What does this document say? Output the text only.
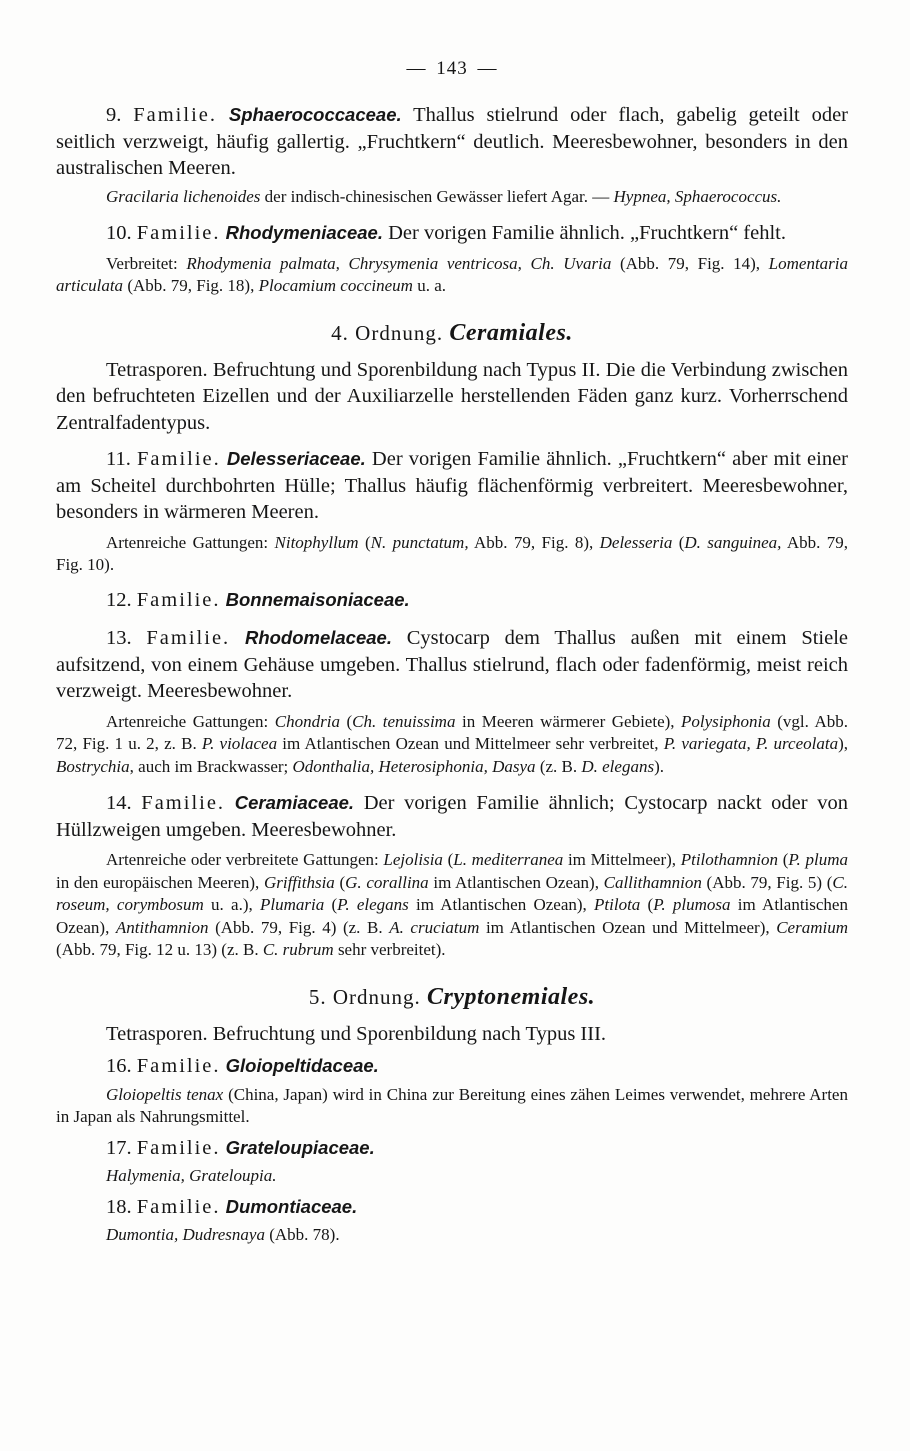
— 143 —

9. Familie. Sphaerococcaceae. Thallus stielrund oder flach, gabelig geteilt oder seitlich verzweigt, häufig gallertig. „Fruchtkern“ deutlich. Meeresbewohner, besonders in den australischen Meeren.

Gracilaria lichenoides der indisch-chinesischen Gewässer liefert Agar. — Hypnea, Sphaerococcus.

10. Familie. Rhodymeniaceae. Der vorigen Familie ähnlich. „Fruchtkern“ fehlt.

Verbreitet: Rhodymenia palmata, Chrysymenia ventricosa, Ch. Uvaria (Abb. 79, Fig. 14), Lomentaria articulata (Abb. 79, Fig. 18), Plocamium coccineum u. a.

4. Ordnung. Ceramiales.

Tetrasporen. Befruchtung und Sporenbildung nach Typus II. Die die Verbindung zwischen den befruchteten Eizellen und der Auxiliarzelle herstellenden Fäden ganz kurz. Vorherrschend Zentralfadentypus.

11. Familie. Delesseriaceae. Der vorigen Familie ähnlich. „Fruchtkern“ aber mit einer am Scheitel durchbohrten Hülle; Thallus häufig flächenförmig verbreitert. Meeresbewohner, besonders in wärmeren Meeren.

Artenreiche Gattungen: Nitophyllum (N. punctatum, Abb. 79, Fig. 8), Delesseria (D. sanguinea, Abb. 79, Fig. 10).

12. Familie. Bonnemaisoniaceae.

13. Familie. Rhodomelaceae. Cystocarp dem Thallus außen mit einem Stiele aufsitzend, von einem Gehäuse umgeben. Thallus stielrund, flach oder fadenförmig, meist reich verzweigt. Meeresbewohner.

Artenreiche Gattungen: Chondria (Ch. tenuissima in Meeren wärmerer Gebiete), Polysiphonia (vgl. Abb. 72, Fig. 1 u. 2, z. B. P. violacea im Atlantischen Ozean und Mittelmeer sehr verbreitet, P. variegata, P. urceolata), Bostrychia, auch im Brackwasser; Odonthalia, Heterosiphonia, Dasya (z. B. D. elegans).

14. Familie. Ceramiaceae. Der vorigen Familie ähnlich; Cystocarp nackt oder von Hüllzweigen umgeben. Meeresbewohner.

Artenreiche oder verbreitete Gattungen: Lejolisia (L. mediterranea im Mittelmeer), Ptilothamnion (P. pluma in den europäischen Meeren), Griffithsia (G. corallina im Atlantischen Ozean), Callithamnion (Abb. 79, Fig. 5) (C. roseum, corymbosum u. a.), Plumaria (P. elegans im Atlantischen Ozean), Ptilota (P. plumosa im Atlantischen Ozean), Antithamnion (Abb. 79, Fig. 4) (z. B. A. cruciatum im Atlantischen Ozean und Mittelmeer), Ceramium (Abb. 79, Fig. 12 u. 13) (z. B. C. rubrum sehr verbreitet).

5. Ordnung. Cryptonemiales.

Tetrasporen. Befruchtung und Sporenbildung nach Typus III.

16. Familie. Gloiopeltidaceae.

Gloiopeltis tenax (China, Japan) wird in China zur Bereitung eines zähen Leimes verwendet, mehrere Arten in Japan als Nahrungsmittel.

17. Familie. Grateloupiaceae.

Halymenia, Grateloupia.

18. Familie. Dumontiaceae.

Dumontia, Dudresnaya (Abb. 78).
